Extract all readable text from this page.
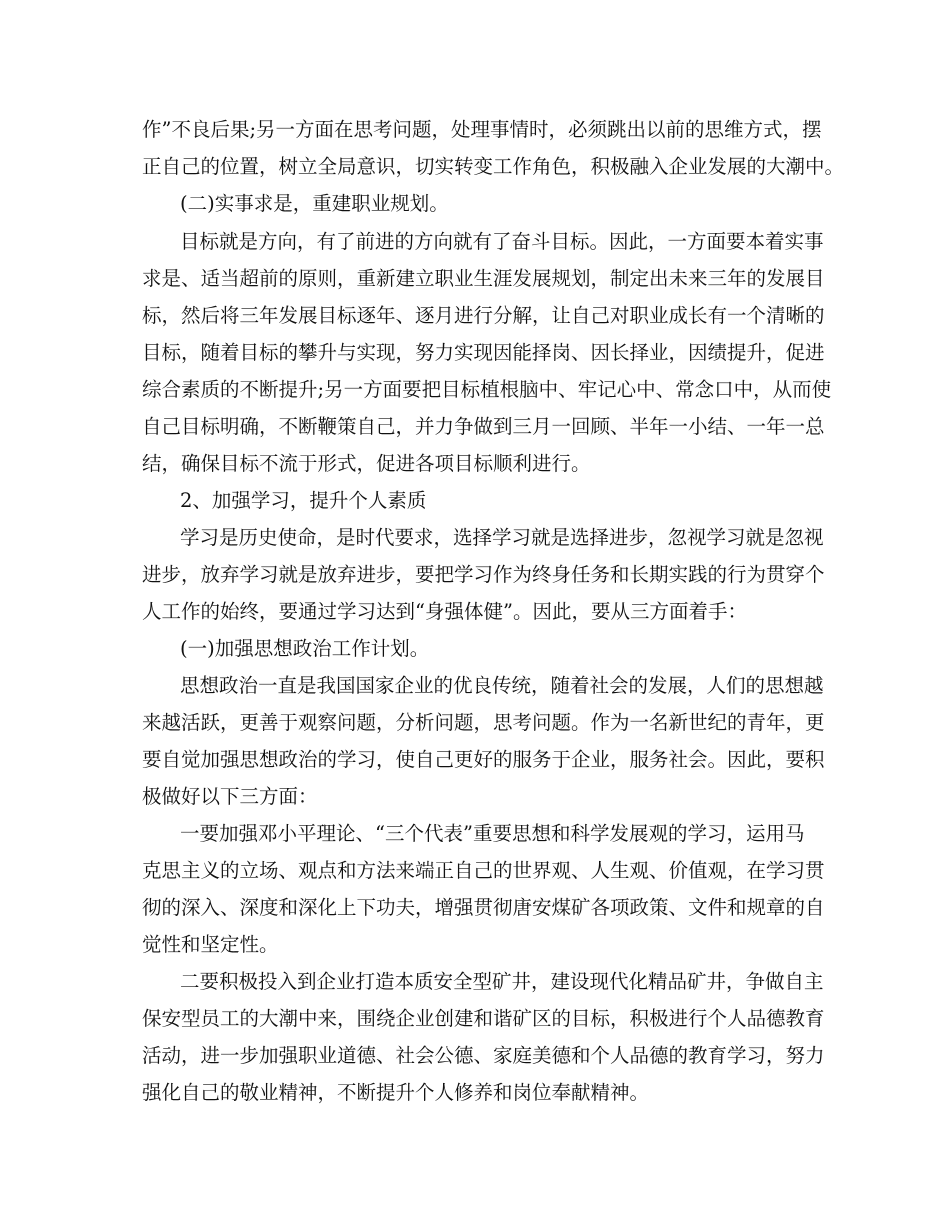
作”不良后果;另一方面在思考问题，处理事情时，必须跳出以前的思维方式，摆
正自己的位置，树立全局意识，切实转变工作角色，积极融入企业发展的大潮中。
(二)实事求是，重建职业规划。
目标就是方向，有了前进的方向就有了奋斗目标。因此，一方面要本着实事
求是、适当超前的原则，重新建立职业生涯发展规划，制定出未来三年的发展目
标，然后将三年发展目标逐年、逐月进行分解，让自己对职业成长有一个清晰的
目标，随着目标的攀升与实现，努力实现因能择岗、因长择业，因绩提升，促进
综合素质的不断提升;另一方面要把目标植根脑中、牢记心中、常念口中，从而使
自己目标明确，不断鞭策自己，并力争做到三月一回顾、半年一小结、一年一总
结，确保目标不流于形式，促进各项目标顺利进行。
2、加强学习，提升个人素质
学习是历史使命，是时代要求，选择学习就是选择进步，忽视学习就是忽视
进步，放弃学习就是放弃进步，要把学习作为终身任务和长期实践的行为贯穿个
人工作的始终，要通过学习达到“身强体健”。因此，要从三方面着手：
(一)加强思想政治工作计划。
思想政治一直是我国国家企业的优良传统，随着社会的发展，人们的思想越
来越活跃，更善于观察问题，分析问题，思考问题。作为一名新世纪的青年，更
要自觉加强思想政治的学习，使自己更好的服务于企业，服务社会。因此，要积
极做好以下三方面：
一要加强邓小平理论、“三个代表”重要思想和科学发展观的学习，运用马
克思主义的立场、观点和方法来端正自己的世界观、人生观、价值观，在学习贯
彻的深入、深度和深化上下功夫，增强贯彻唐安煤矿各项政策、文件和规章的自
觉性和坚定性。
二要积极投入到企业打造本质安全型矿井，建设现代化精品矿井，争做自主
保安型员工的大潮中来，围绕企业创建和谐矿区的目标，积极进行个人品德教育
活动，进一步加强职业道德、社会公德、家庭美德和个人品德的教育学习，努力
强化自己的敬业精神，不断提升个人修养和岗位奉献精神。
